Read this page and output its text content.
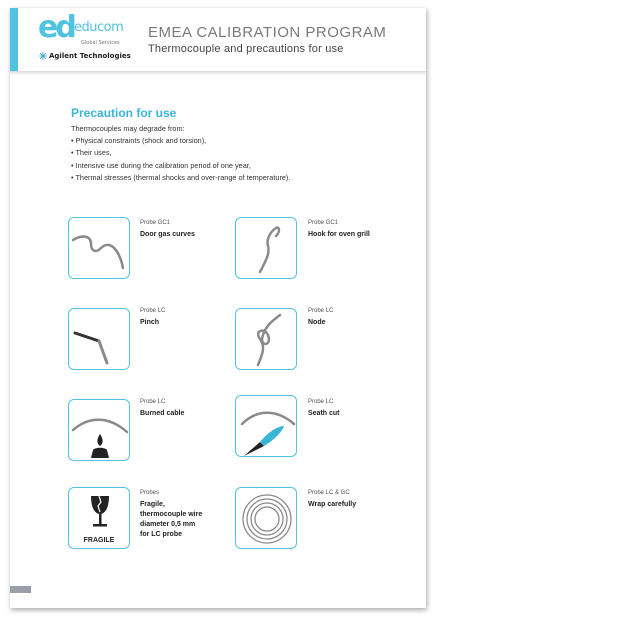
ed educom
Global Services
Agilent Technologies
EMEA CALIBRATION PROGRAM
Thermocouple and precautions for use
Precaution for use
Thermocouples may degrade from:
• Physical constraints (shock and torsion),
• Their uses,
• Intensive use during the calibration period of one year,
• Thermal stresses (thermal shocks and over-range of temperature).
Probe GC1
Door gas curves
Probe GC1
Hook for oven grill
Probe LC
Pinch
Probe LC
Node
Probe LC
Burned cable
Probe LC
Seath cut
FRAGILE
Probes
Fragile,
thermocouple wire
diameter 0,5 mm
for LC probe
Probe LC & GC
Wrap carefully
